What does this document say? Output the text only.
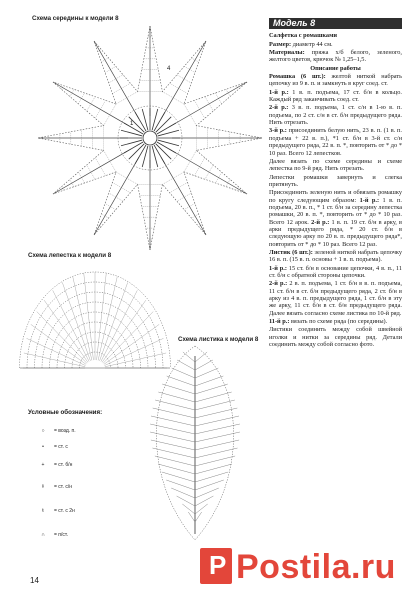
Схема середины к модели 8
Схема лепестка к модели 8
Схема листика к модели 8
4
1
Условные обозначения:
○ = возд. п.
• = ст. с
+ = ст. б/н
ɫ = ст. с/н
ŧ = ст. с 2н
∩ = п/ст.
14
Модель 8

Салфетка с ромашками

Размер: диаметр 44 см.

Материалы: пряжа х/б белого, зеленого, желтого цветов, крючок № 1,25–1,5.

Описание работы

Ромашка (6 шт.): желтой ниткой набрать цепочку из 9 в. п. и замкнуть в круг соед. ст.

1-й р.: 1 в. п. подъема, 17 ст. б/н в кольцо. Каждый ряд заканчивать соед. ст.

2-й р.: 3 в. п. подъема, 1 ст. с/н в 1-ю в. п. подъема, по 2 ст. с/н в ст. б/н предыдущего ряда. Нить отрезать.

3-й р.: присоединить белую нить, 23 в. п. (1 в. п. подъема + 22 в. п.), *1 ст. б/н в 3-й ст. с/н предыдущего ряда, 22 в. п. *, повторить от * до * 10 раз. Всего 12 лепестков.

Далее вязать по схеме середины и схеме лепестка по 9-й ряд. Нить отрезать.

Лепестки ромашки завернуть и слегка притянуть.

Присоединить зеленую нить и обвязать ромашку по кругу следующим образом: 1-й р.: 1 в. п. подъема, 20 в. п., * 1 ст. б/н за середину лепестка ромашки, 20 в. п. *, повторить от * до * 10 раз. Всего 12 арок. 2-й р.: 1 в. п. 19 ст. б/н в арку, в арки предыдущего ряда, * 20 ст. б/н в следующую арку по 20 в. п. предыдущего ряда*, повторить от * до * 10 раз. Всего 12 раз.

Листик (6 шт.): зеленой ниткой набрать цепочку 16 в. п. (15 в. п. основы + 1 в. п. подъема).

1-й р.: 15 ст. б/н в основание цепочки, 4 в. п., 11 ст. б/н с обратной стороны цепочки.

2-й р.: 2 в. п. подъема, 1 ст. б/н в в. п. подъема, 11 ст. б/н в ст. б/н предыдущего ряда, 2 ст. б/н в арку из 4 в. п. предыдущего ряда, 1 ст. б/н в эту же арку, 11 ст. б/н в ст. б/н предыдущего ряда. Далее вязать согласно схеме листика по 10-й ряд.

11-й р.: вязать по схеме ряда (по середины).

Листики соединить между собой швейной иголки и нитки за середины ряд. Детали соединить между собой согласно фото.

P Postila.ru
